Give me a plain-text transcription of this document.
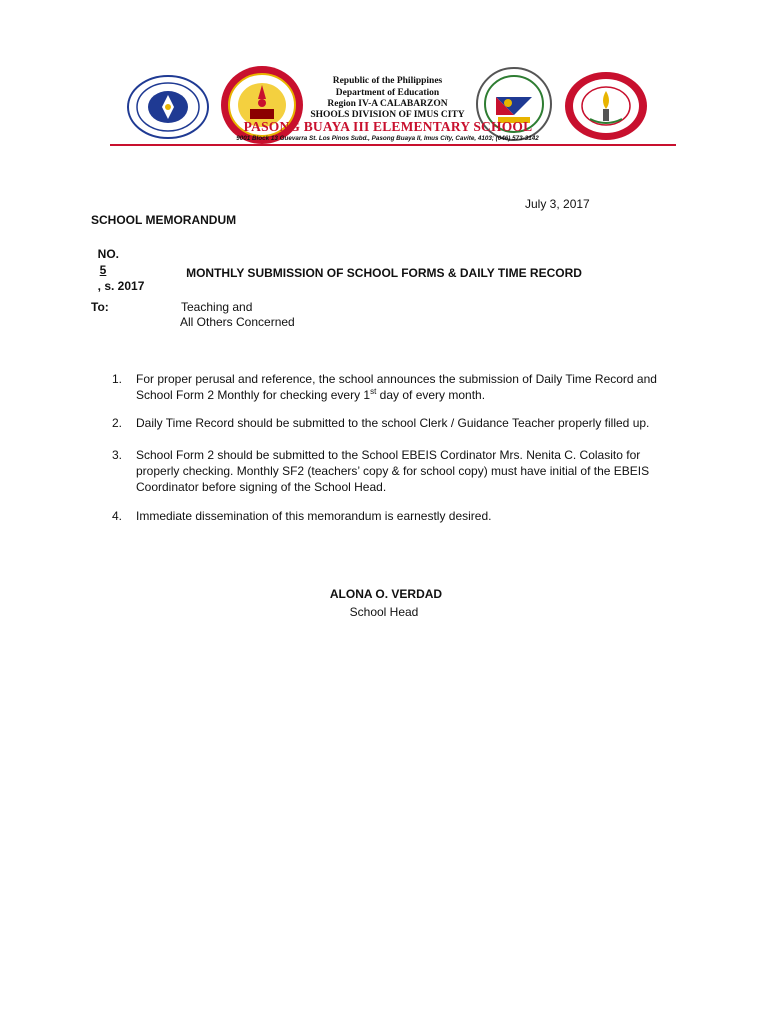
Republic of the Philippines
Department of Education
Region IV-A CALABARZON
SHOOLS DIVISION OF IMUS CITY
PASONG BUAYA III ELEMENTARY SCHOOL
9001 Block 13 Guevarra St. Los Pinos Subd., Pasong Buaya II, Imus City, Cavite, 4103; (046) 573-3142
July 3, 2017
SCHOOL MEMORANDUM

NO.
5
, s. 2017

MONTHLY SUBMISSION OF SCHOOL FORMS & DAILY TIME RECORD
To:	Teaching and
All Others Concerned
1. For proper perusal and reference, the school announces the submission of Daily Time Record and School Form 2 Monthly for checking every 1st day of every month.
2. Daily Time Record should be submitted to the school Clerk / Guidance Teacher properly filled up.
3. School Form 2 should be submitted to the School EBEIS Cordinator Mrs. Nenita C. Colasito for properly checking. Monthly SF2 (teachers’ copy & for school copy) must have initial of the EBEIS Coordinator before signing of the School Head.
4. Immediate dissemination of this memorandum is earnestly desired.
ALONA O. VERDAD
School Head
